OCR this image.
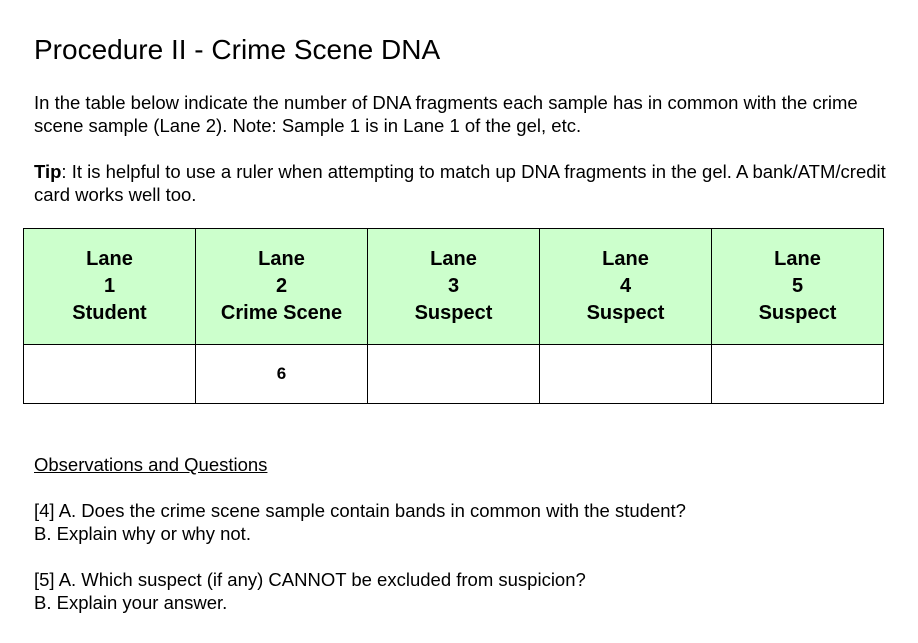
Procedure II - Crime Scene DNA
In the table below indicate the number of DNA fragments each sample has in common with the crime scene sample (Lane 2). Note: Sample 1 is in Lane 1 of the gel, etc.
Tip: It is helpful to use a ruler when attempting to match up DNA fragments in the gel. A bank/ATM/credit card works well too.
Lane
1
Student	Lane
2
Crime Scene	Lane
3
Suspect	Lane
4
Suspect	Lane
5
Suspect

	6			
Observations and Questions
[4] A. Does the crime scene sample contain bands in common with the student?
B. Explain why or why not.
[5] A. Which suspect (if any) CANNOT be excluded from suspicion?
B. Explain your answer.
